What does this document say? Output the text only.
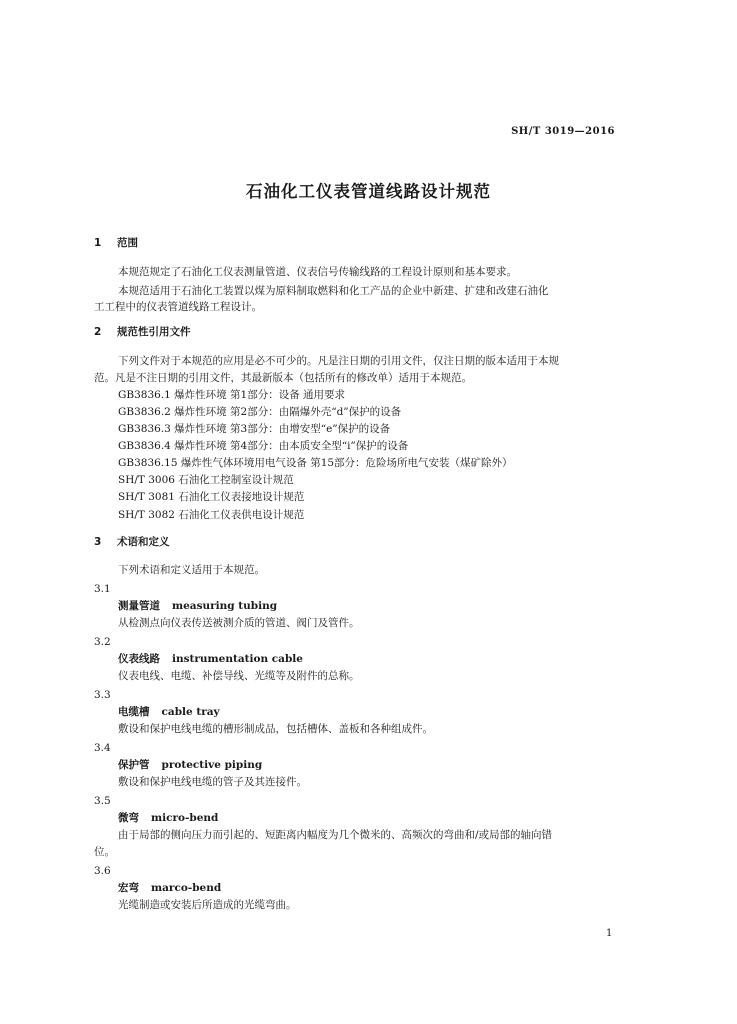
SH/T 3019—2016
石油化工仪表管道线路设计规范
1 范围
本规范规定了石油化工仪表测量管道、仪表信号传输线路的工程设计原则和基本要求。
本规范适用于石油化工装置以煤为原料制取燃料和化工产品的企业中新建、扩建和改建石油化
工工程中的仪表管道线路工程设计。
2 规范性引用文件
下列文件对于本规范的应用是必不可少的。凡是注日期的引用文件，仅注日期的版本适用于本规
范。凡是不注日期的引用文件，其最新版本（包括所有的修改单）适用于本规范。
GB3836.1 爆炸性环境 第1部分：设备 通用要求
GB3836.2 爆炸性环境 第2部分：由隔爆外壳“d”保护的设备
GB3836.3 爆炸性环境 第3部分：由增安型“e”保护的设备
GB3836.4 爆炸性环境 第4部分：由本质安全型“i”保护的设备
GB3836.15 爆炸性气体环境用电气设备 第15部分：危险场所电气安装（煤矿除外）
SH/T 3006 石油化工控制室设计规范
SH/T 3081 石油化工仪表接地设计规范
SH/T 3082 石油化工仪表供电设计规范
3 术语和定义
下列术语和定义适用于本规范。
3.1
测量管道 measuring tubing
从检测点向仪表传送被测介质的管道、阀门及管件。
3.2
仪表线路 instrumentation cable
仪表电线、电缆、补偿导线、光缆等及附件的总称。
3.3
电缆槽 cable tray
敷设和保护电线电缆的槽形制成品，包括槽体、盖板和各种组成件。
3.4
保护管 protective piping
敷设和保护电线电缆的管子及其连接件。
3.5
微弯 micro-bend
由于局部的侧向压力而引起的、短距离内幅度为几个微米的、高频次的弯曲和/或局部的轴向错
位。
3.6
宏弯 marco-bend
光缆制造或安装后所造成的光缆弯曲。
1
